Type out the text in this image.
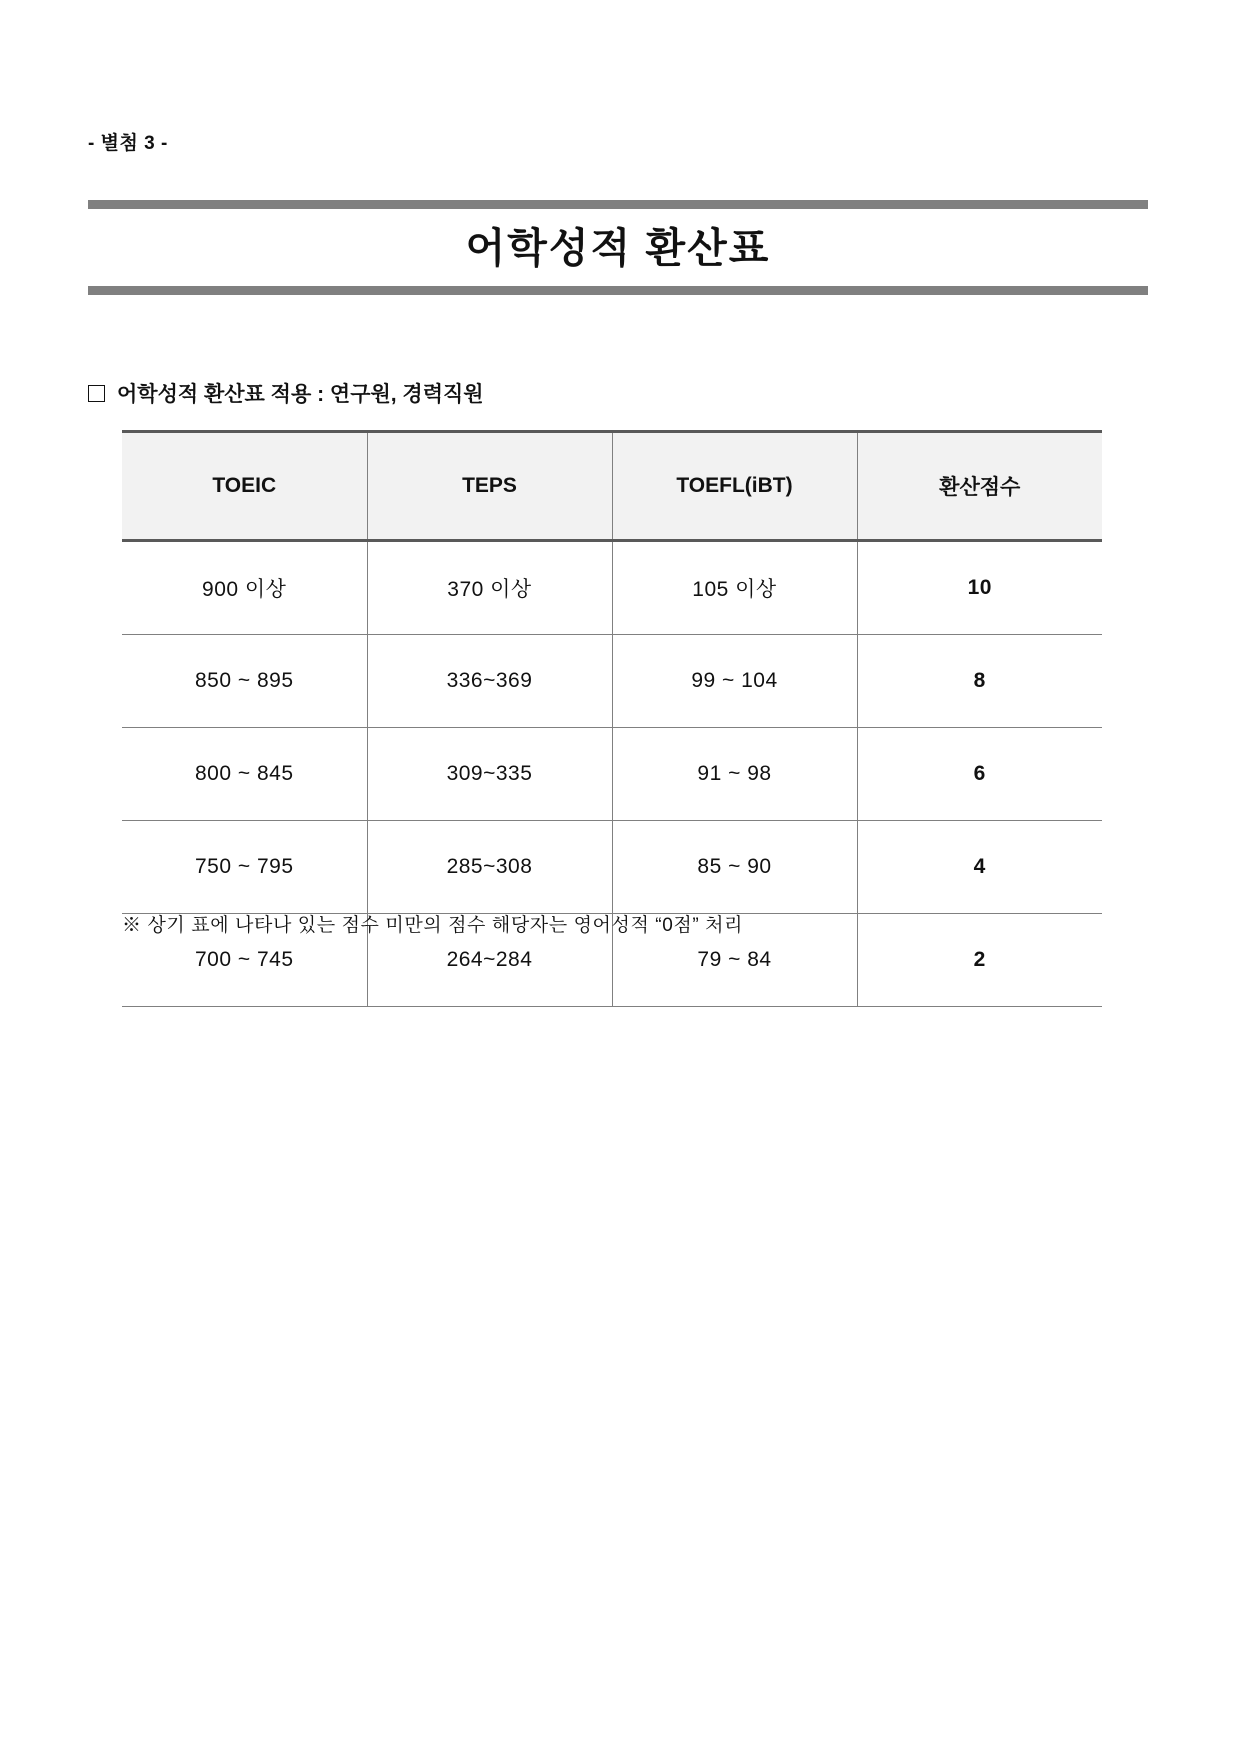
- 별첨 3 -
어학성적 환산표
어학성적 환산표 적용 : 연구원, 경력직원
TOEIC	TEPS	TOEFL(iBT)	환산점수
900 이상	370 이상	105 이상	10
850 ~ 895	336~369	99 ~ 104	8
800 ~ 845	309~335	91 ~ 98	6
750 ~ 795	285~308	85 ~ 90	4
700 ~ 745	264~284	79 ~ 84	2
※ 상기 표에 나타나 있는 점수 미만의 점수 해당자는 영어성적 “0점” 처리
